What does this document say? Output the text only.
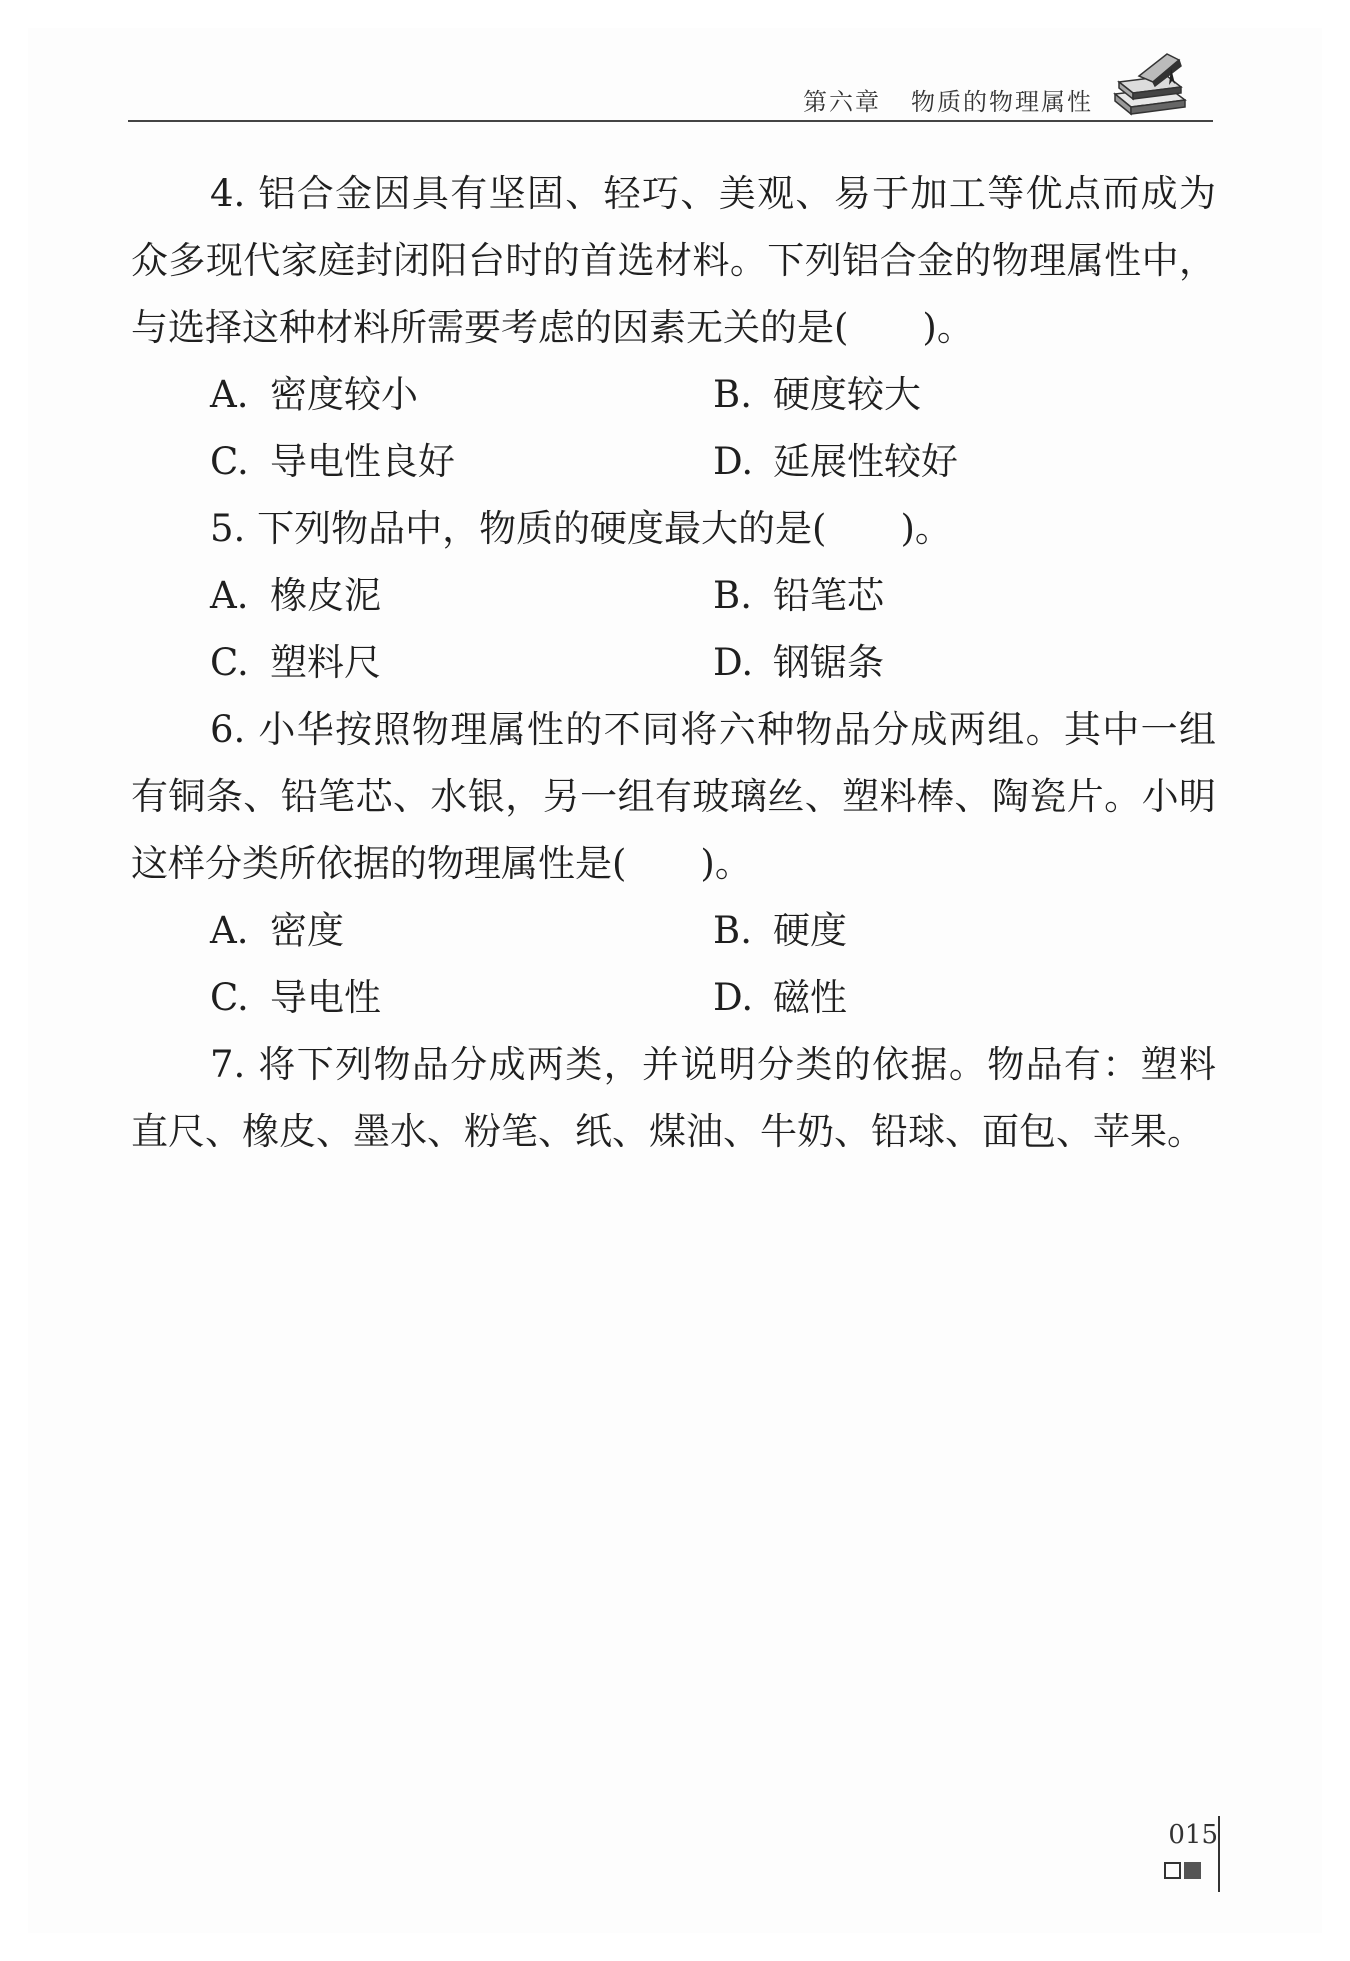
第六章 物质的物理属性

4. 铝合金因具有坚固、轻巧、美观、易于加工等优点而成为众多现代家庭封闭阳台时的首选材料。下列铝合金的物理属性中，与选择这种材料所需要考虑的因素无关的是(　　)。

A. 密度较小	B. 硬度较大
C. 导电性良好	D. 延展性较好

5. 下列物品中，物质的硬度最大的是(　　)。

A. 橡皮泥	B. 铅笔芯
C. 塑料尺	D. 钢锯条

6. 小华按照物理属性的不同将六种物品分成两组。其中一组有铜条、铅笔芯、水银，另一组有玻璃丝、塑料棒、陶瓷片。小明这样分类所依据的物理属性是(　　)。

A. 密度	B. 硬度
C. 导电性	D. 磁性

7. 将下列物品分成两类，并说明分类的依据。物品有：塑料直尺、橡皮、墨水、粉笔、纸、煤油、牛奶、铅球、面包、苹果。

015
